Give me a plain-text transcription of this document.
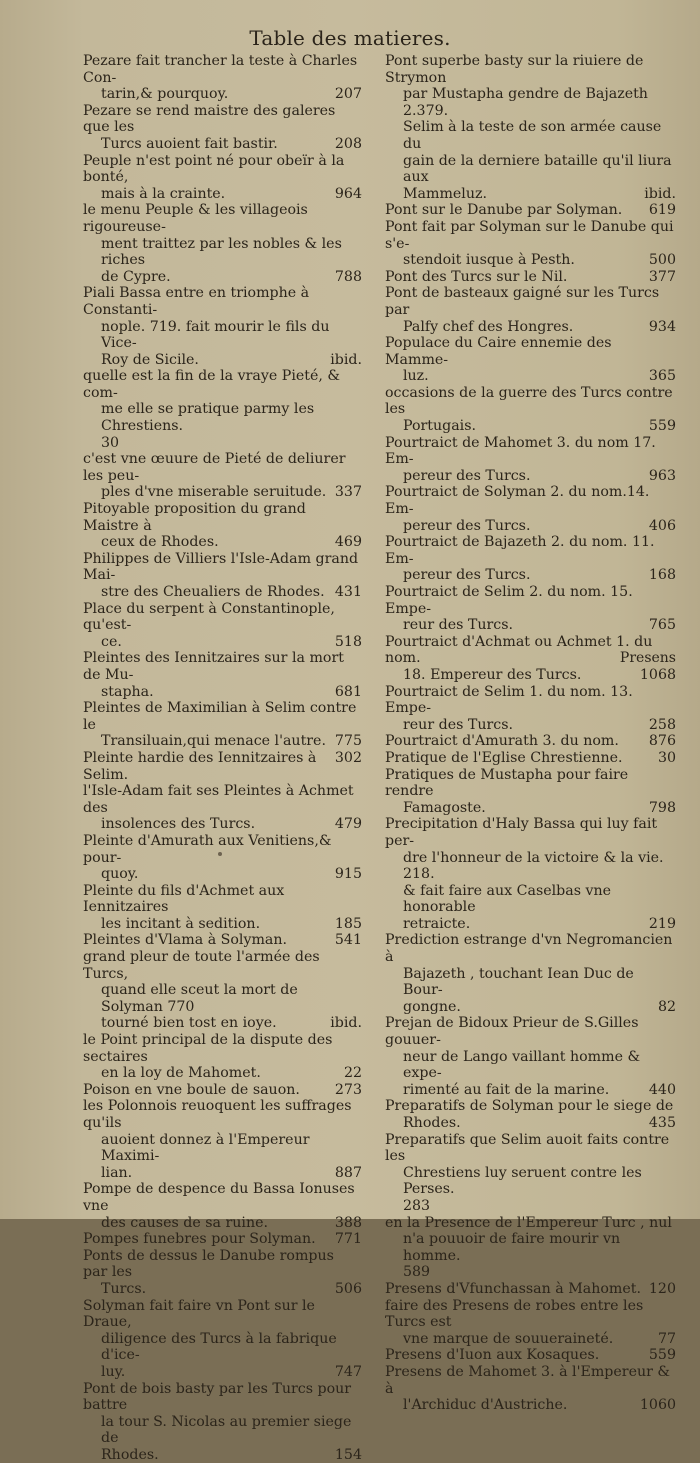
Table des matieres.

Pezare fait trancher la teste à Charles Con-

207
tarin,& pourquoy.

Pezare se rend maistre des galeres que les

208
Turcs auoient fait bastir.

Peuple n'est point né pour obeïr à la bonté,

964
mais à la crainte.

le menu Peuple & les villageois rigoureuse-

ment traittez par les nobles & les riches

788
de Cypre.

Piali Bassa entre en triomphe à Constanti-

nople. 719. fait mourir le fils du Vice-

ibid.
Roy de Sicile.

quelle est la fin de la vraye Pieté, & com-

me elle se pratique parmy les Chrestiens.

30

c'est vne œuure de Pieté de deliurer les peu-

337
ples d'vne miserable seruitude.

Pitoyable proposition du grand Maistre à

469
ceux de Rhodes.

Philippes de Villiers l'Isle-Adam grand Mai-

431
stre des Cheualiers de Rhodes.

Place du serpent à Constantinople, qu'est-

518
ce.

Pleintes des Iennitzaires sur la mort de Mu-

681
stapha.

Pleintes de Maximilian à Selim contre le

775
Transiluain,qui menace l'autre.

302
Pleinte hardie des Iennitzaires à Selim.

l'Isle-Adam fait ses Pleintes à Achmet des

479
insolences des Turcs.

Pleinte d'Amurath aux Venitiens,& pour-

915
quoy.

Pleinte du fils d'Achmet aux Iennitzaires

185
les incitant à sedition.

541
Pleintes d'Vlama à Solyman.

grand pleur de toute l'armée des Turcs,

quand elle sceut la mort de Solyman 770

ibid.
tourné bien tost en ioye.

le Point principal de la dispute des sectaires

22
en la loy de Mahomet.

273
Poison en vne boule de sauon.

les Polonnois reuoquent les suffrages qu'ils

auoient donnez à l'Empereur Maximi-

887
lian.

Pompe de despence du Bassa Ionuses vne

388
des causes de sa ruine.

771
Pompes funebres pour Solyman.

Ponts de dessus le Danube rompus par les

506
Turcs.

Solyman fait faire vn Pont sur le Draue,

diligence des Turcs à la fabrique d'ice-

747
luy.

Pont de bois basty par les Turcs pour battre

la tour S. Nicolas au premier siege de

154
Rhodes.

Pont superbe basty sur la riuiere de Strymon

par Mustapha gendre de Bajazeth 2.379.

Selim à la teste de son armée cause du

gain de la derniere bataille qu'il liura aux

ibid.
Mammeluz.

619
Pont sur le Danube par Solyman.

Pont fait par Solyman sur le Danube qui s'e-

500
stendoit iusque à Pesth.

377
Pont des Turcs sur le Nil.

Pont de basteaux gaigné sur les Turcs par

934
Palfy chef des Hongres.

Populace du Caire ennemie des Mamme-

365
luz.

occasions de la guerre des Turcs contre les

559
Portugais.

Pourtraict de Mahomet 3. du nom 17. Em-

963
pereur des Turcs.

Pourtraict de Solyman 2. du nom.14. Em-

406
pereur des Turcs.

Pourtraict de Bajazeth 2. du nom. 11. Em-

168
pereur des Turcs.

Pourtraict de Selim 2. du nom. 15. Empe-

765
reur des Turcs.

Pourtraict d'Achmat ou Achmet 1. du nom.

1068
18. Empereur des Turcs.

Pourtraict de Selim 1. du nom. 13. Empe-

258
reur des Turcs.

876
Pourtraict d'Amurath 3. du nom.

30
Pratique de l'Eglise Chrestienne.

Pratiques de Mustapha pour faire rendre

798
Famagoste.

Precipitation d'Haly Bassa qui luy fait per-

dre l'honneur de la victoire & la vie. 218.

& fait faire aux Caselbas vne honorable

219
retraicte.

Prediction estrange d'vn Negromancien à

Bajazeth , touchant Iean Duc de Bour-

82
gongne.

Prejan de Bidoux Prieur de S.Gilles gouuer-

neur de Lango vaillant homme & expe-

440
rimenté au fait de la marine.

Preparatifs de Solyman pour le siege de

435
Rhodes.

Preparatifs que Selim auoit faits contre les

Chrestiens luy seruent contre les Perses.

283

en la Presence de l'Empereur Turc , nul

n'a pouuoir de faire mourir vn homme.

589

120
Presens d'Vfunchassan à Mahomet.

faire des Presens de robes entre les Turcs est

77
vne marque de souueraineté.

559
Presens d'Iuon aux Kosaques.

Presens de Mahomet 3. à l'Empereur & à

1060
l'Archiduc d'Austriche.

Presens
